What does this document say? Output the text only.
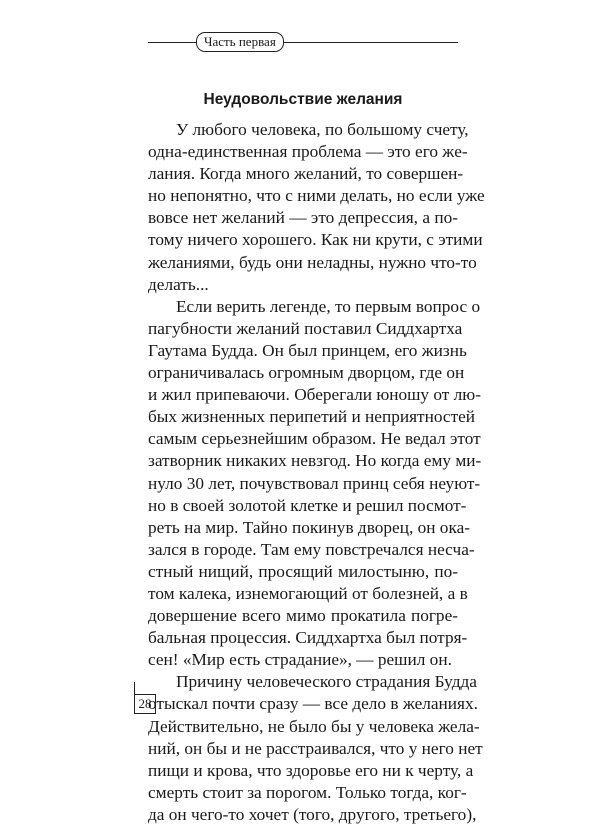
Часть первая
Неудовольствие желания
У любого человека, по большому счету,
одна-единственная проблема — это его жe-
лания. Когда много желаний, то совершен-
но непонятно, что с ними делать, но если уже
вовсе нет желаний — это депрессия, а по-
тому ничего хорошего. Как ни крути, с этими
желаниями, будь они неладны, нужно что-то
делать...
Если верить легенде, то первым вопрос о
пагубности желаний поставил Сиддхартха
Гаутама Будда. Он был принцем, его жизнь
ограничивалась огромным дворцом, где он
и жил припеваючи. Оберегали юношу от лю-
бых жизненных перипетий и неприятностей
самым серьезнейшим образом. Не ведал этот
затворник никаких невзгод. Но когда ему ми-
нуло 30 лет, почувствовал принц себя неуют-
но в своей золотой клетке и решил посмот-
реть на мир. Тайно покинув дворец, он ока-
зался в городе. Там ему повстречался несча-
стный нищий, просящий милостыню, по-
том калека, изнемогающий от болезней, а в
довершение всего мимо прокатила погре-
бальная процессия. Сиддхартха был потря-
сен! «Мир есть страдание», — решил он.
Причину человеческого страдания Будда
отыскал почти сразу — все дело в желаниях.
Действительно, не было бы у человека жела-
ний, он бы и не расстраивался, что у него нет
пищи и крова, что здоровье его ни к черту, а
смерть стоит за порогом. Только тогда, ког-
да он чего-то хочет (того, другого, третьего),
28
